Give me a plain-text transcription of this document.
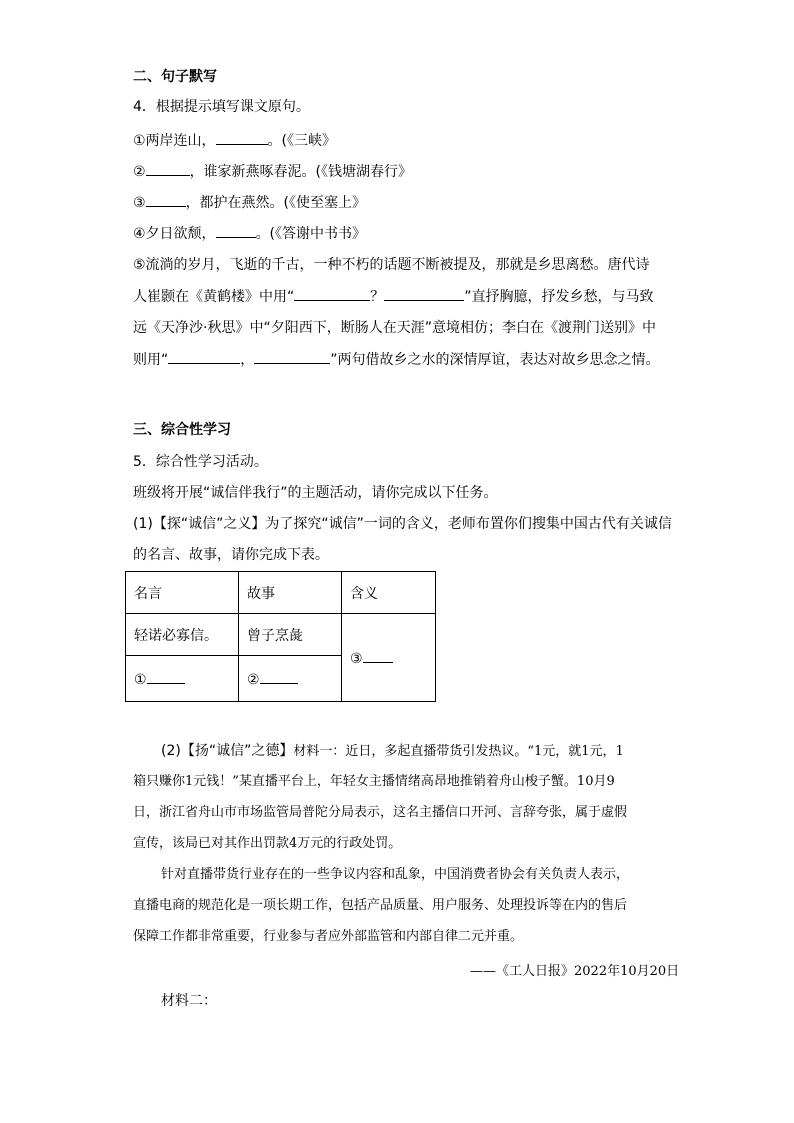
二、句子默写
4．根据提示填写课文原句。
①两岸连山，	。(《三峡》
②	，谁家新燕啄春泥。(《钱塘湖春行》
③	，都护在燕然。(《使至塞上》
④夕日欲颓，	。(《答谢中书书》
⑤流淌的岁月，飞逝的千古，一种不朽的话题不断被提及，那就是乡思离愁。唐代诗
人崔颢在《黄鹤楼》中用“	？	”直抒胸臆，抒发乡愁，与马致
远《天净沙·秋思》中“夕阳西下，断肠人在天涯”意境相仿；李白在《渡荆门送别》中
则用“	，	”两句借故乡之水的深情厚谊，表达对故乡思念之情。
三、综合性学习
5．综合性学习活动。
班级将开展“诚信伴我行”的主题活动，请你完成以下任务。
(1)【探“诚信”之义】为了探究“诚信”一词的含义，老师布置你们搜集中国古代有关诚信
的名言、故事，请你完成下表。
名言	故事	含义
轻诺必寡信。	曾子烹彘	③
①	②	
(2)【扬“诚信”之德】材料一：近日，多起直播带货引发热议。“1元，就1元，1
箱只赚你1元钱！”某直播平台上，年轻女主播情绪高昂地推销着舟山梭子蟹。10月9
日，浙江省舟山市市场监管局普陀分局表示，这名主播信口开河、言辞夸张，属于虚假
宣传，该局已对其作出罚款4万元的行政处罚。
针对直播带货行业存在的一些争议内容和乱象，中国消费者协会有关负责人表示，
直播电商的规范化是一项长期工作，包括产品质量、用户服务、处理投诉等在内的售后
保障工作都非常重要，行业参与者应外部监管和内部自律二元并重。
——《工人日报》2022年10月20日
材料二：
